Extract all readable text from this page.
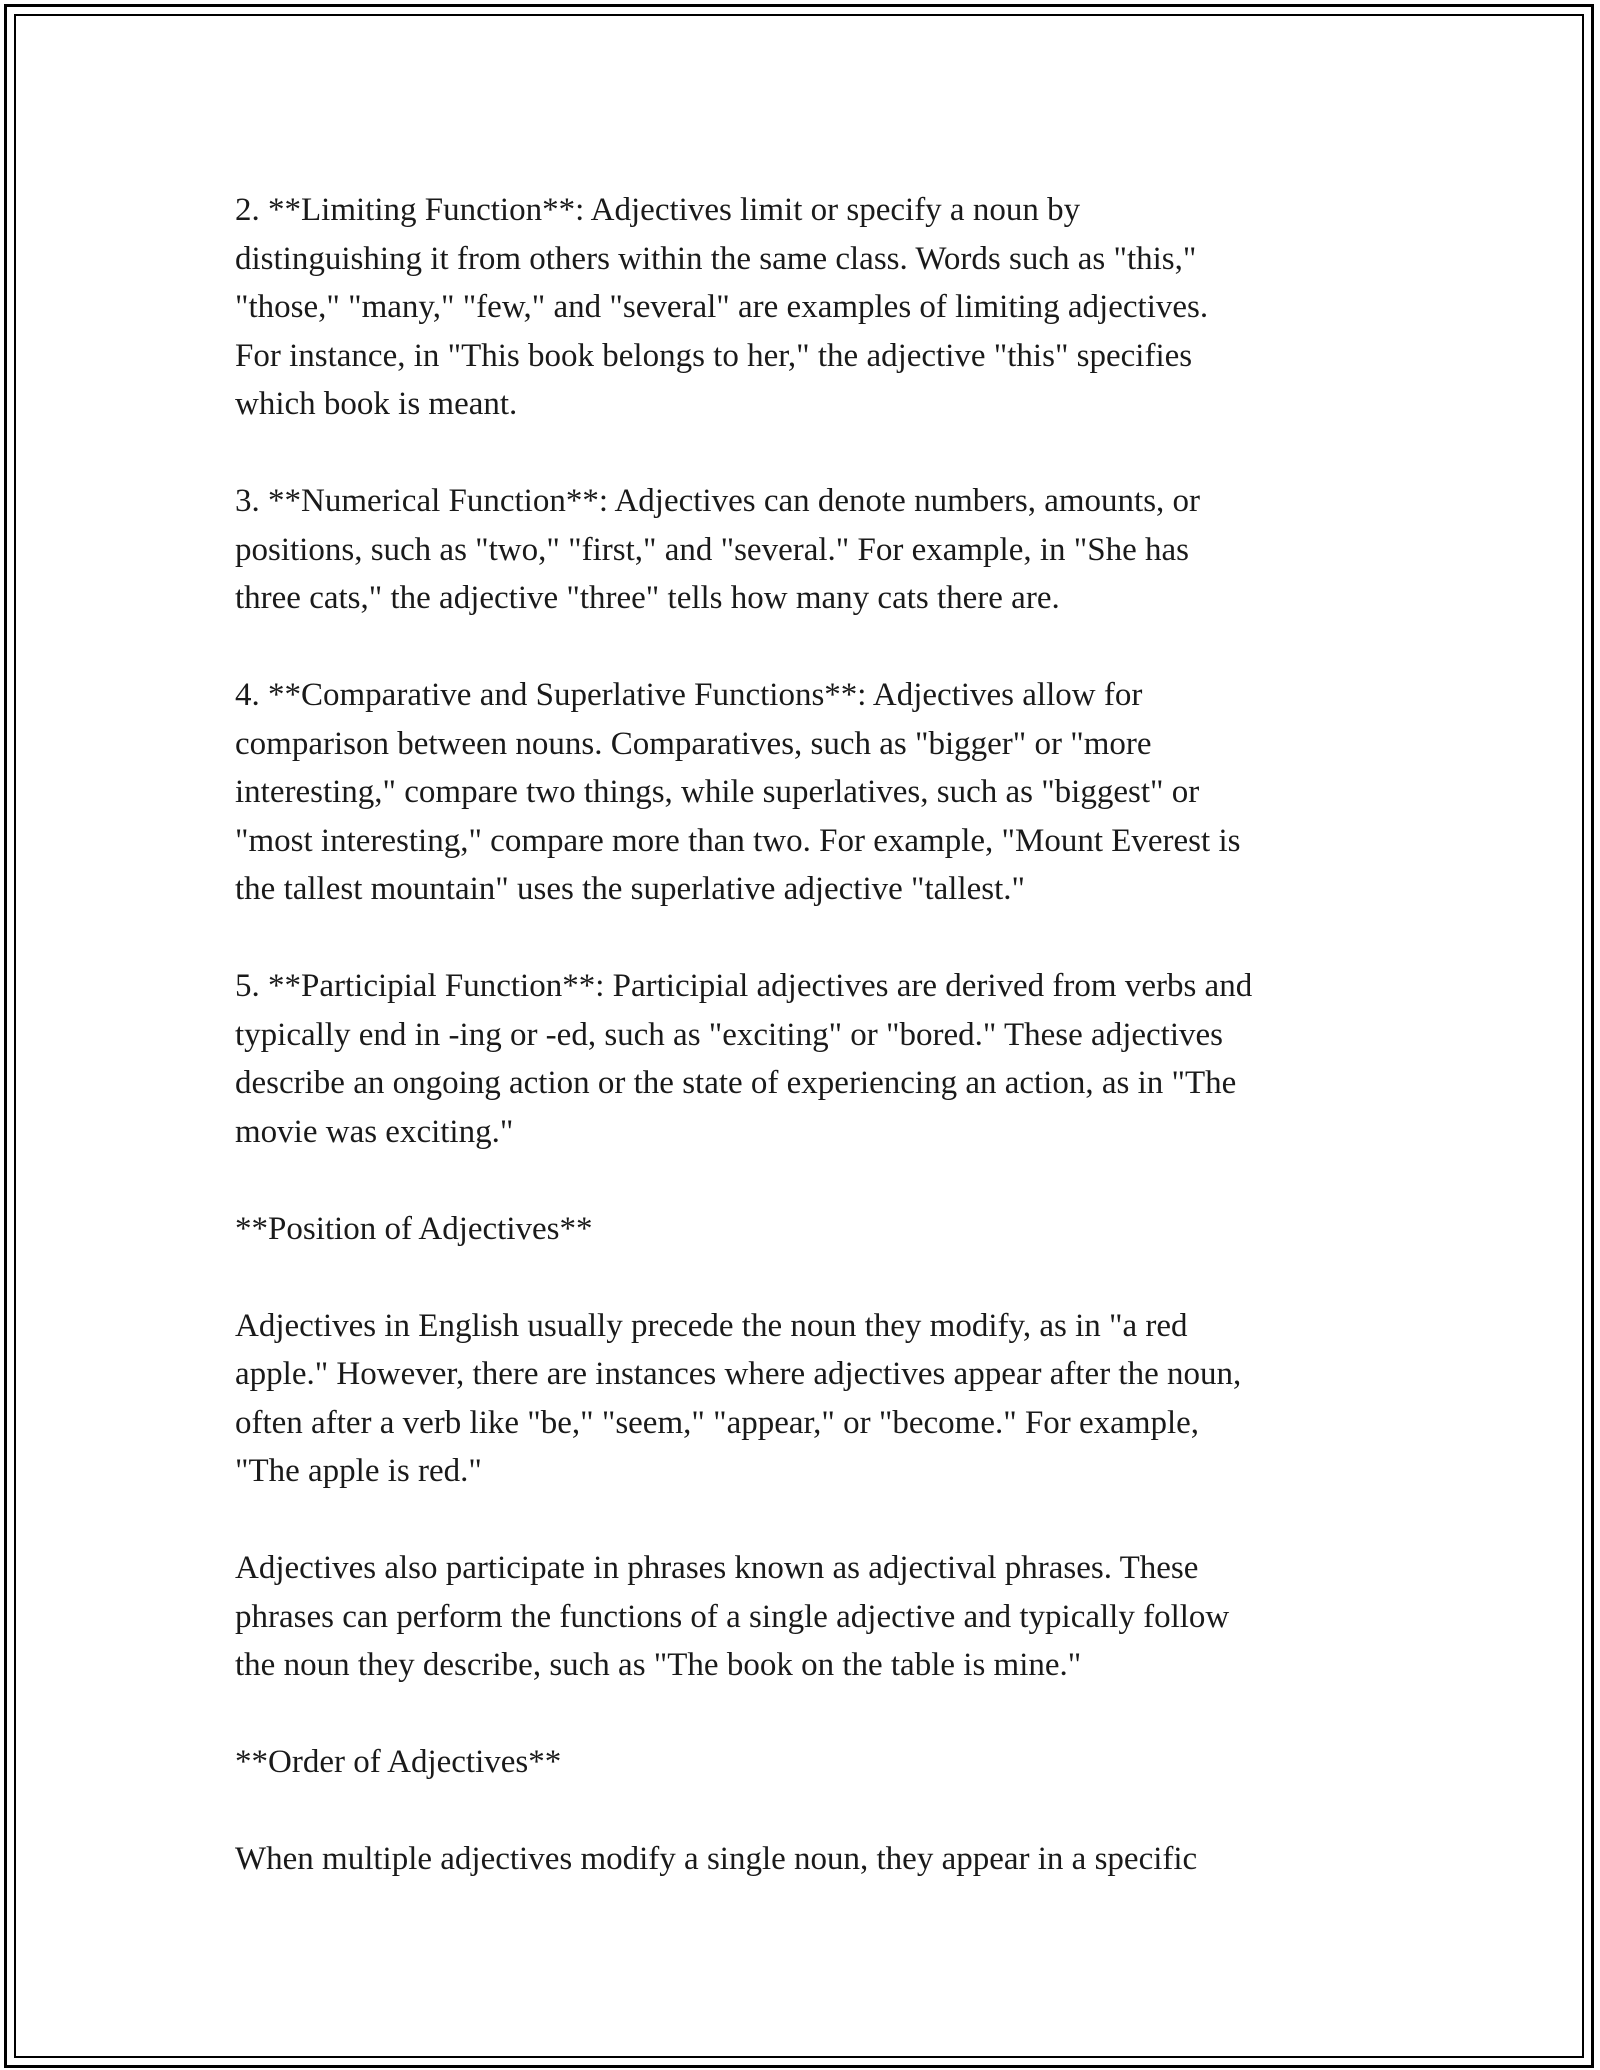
2. **Limiting Function**: Adjectives limit or specify a noun by
distinguishing it from others within the same class. Words such as "this,"
"those," "many," "few," and "several" are examples of limiting adjectives.
For instance, in "This book belongs to her," the adjective "this" specifies
which book is meant.

3. **Numerical Function**: Adjectives can denote numbers, amounts, or
positions, such as "two," "first," and "several." For example, in "She has
three cats," the adjective "three" tells how many cats there are.

4. **Comparative and Superlative Functions**: Adjectives allow for
comparison between nouns. Comparatives, such as "bigger" or "more
interesting," compare two things, while superlatives, such as "biggest" or
"most interesting," compare more than two. For example, "Mount Everest is
the tallest mountain" uses the superlative adjective "tallest."

5. **Participial Function**: Participial adjectives are derived from verbs and
typically end in -ing or -ed, such as "exciting" or "bored." These adjectives
describe an ongoing action or the state of experiencing an action, as in "The
movie was exciting."

**Position of Adjectives**

Adjectives in English usually precede the noun they modify, as in "a red
apple." However, there are instances where adjectives appear after the noun,
often after a verb like "be," "seem," "appear," or "become." For example,
"The apple is red."

Adjectives also participate in phrases known as adjectival phrases. These
phrases can perform the functions of a single adjective and typically follow
the noun they describe, such as "The book on the table is mine."

**Order of Adjectives**

When multiple adjectives modify a single noun, they appear in a specific
